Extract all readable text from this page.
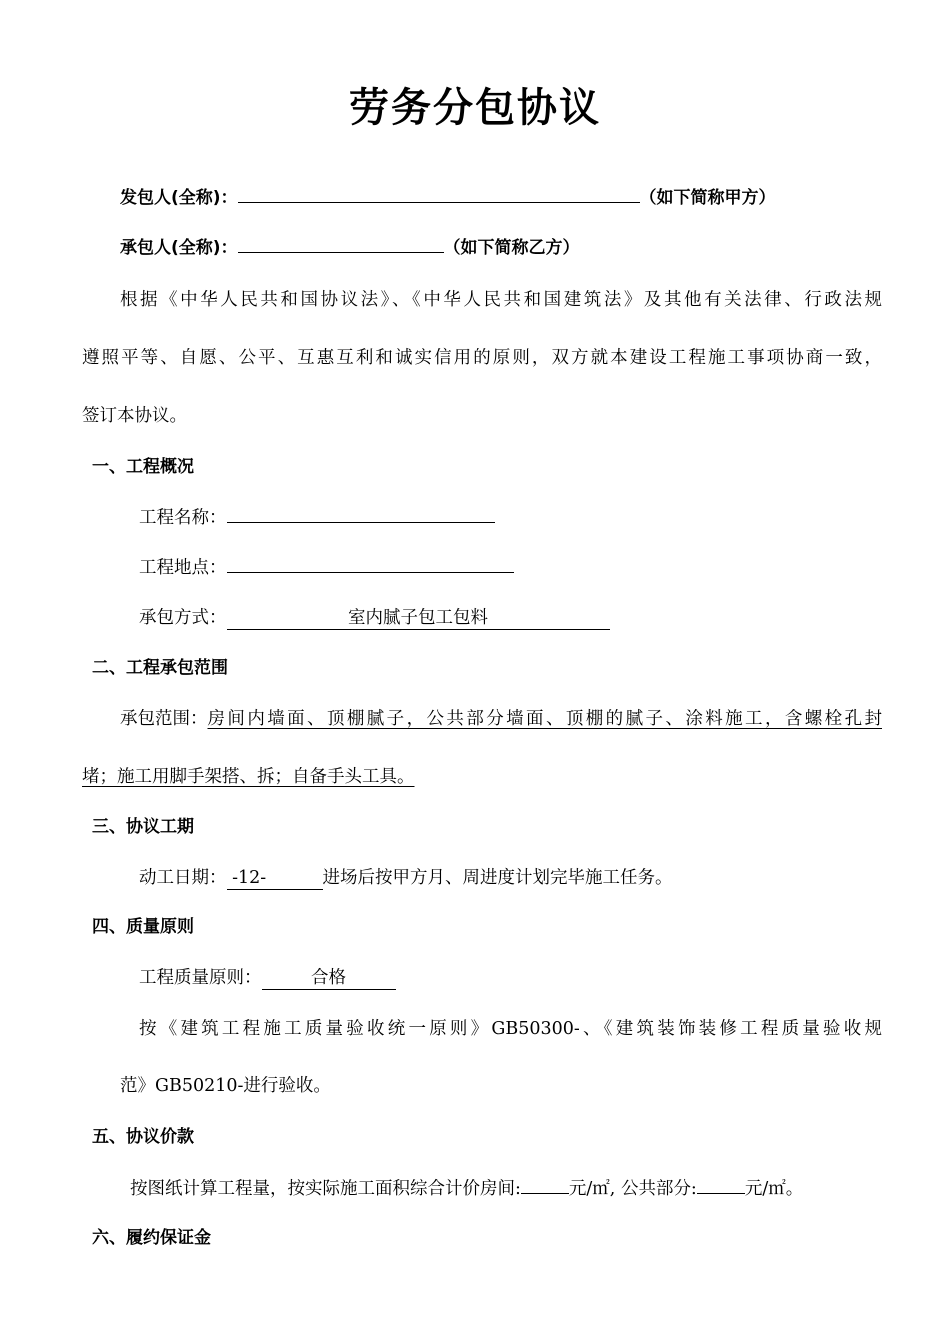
劳务分包协议
发包人(全称)：	（如下简称甲方）
承包人(全称)：	（如下简称乙方）
根据《中华人民共和国协议法》、《中华人民共和国建筑法》及其他有关法律、行政法规
遵照平等、自愿、公平、互惠互利和诚实信用的原则，双方就本建设工程施工事项协商一致，
签订本协议。
一、工程概况
工程名称：
工程地点：
承包方式：	室内腻子包工包料
二、工程承包范围
承包范围： 房间内墙面、顶棚腻子，公共部分墙面、顶棚的腻子、涂料施工，含螺栓孔封
堵；施工用脚手架搭、拆；自备手头工具。
三、协议工期
动工日期： -12-	进场后按甲方月、周进度计划完毕施工任务。
四、质量原则
工程质量原则：	合格
按《建筑工程施工质量验收统一原则》GB50300-、《建筑装饰装修工程质量验收规
范》GB50210-进行验收。
五、协议价款
按图纸计算工程量，按实际施工面积综合计价房间:	元/㎡, 公共部分:	元/㎡。
六、履约保证金
